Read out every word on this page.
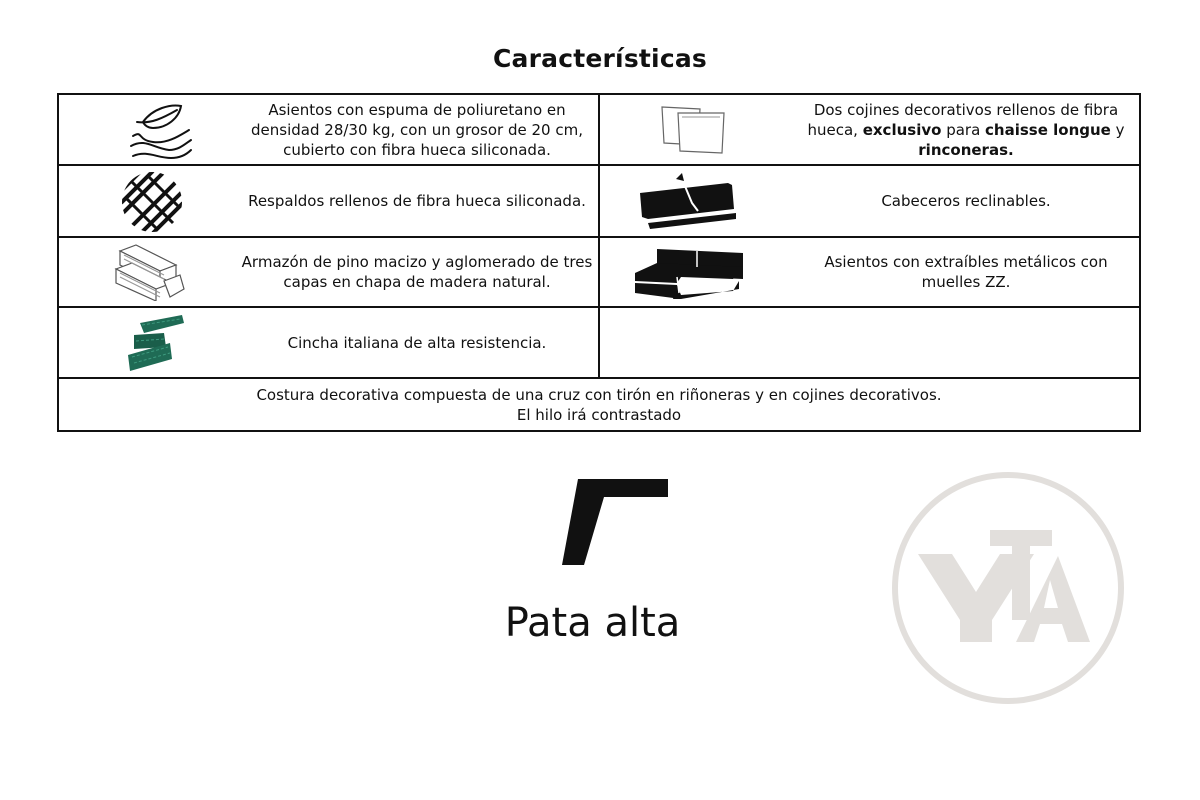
Características
Asientos con espuma de poliuretano en
densidad 28/30 kg, con un grosor de 20 cm,
cubierto con fibra hueca siliconada.
Dos cojines decorativos rellenos de fibra
hueca, exclusivo para chaisse longue y
rinconeras.
Respaldos rellenos de fibra hueca siliconada.	Cabeceros reclinables.
Armazón de pino macizo y aglomerado de tres
capas en chapa de madera natural.
Asientos con extraíbles metálicos con
muelles ZZ.
Cincha italiana de alta resistencia.
Costura decorativa compuesta de una cruz con tirón en riñoneras y en cojines decorativos.
El hilo irá contrastado
Pata alta
